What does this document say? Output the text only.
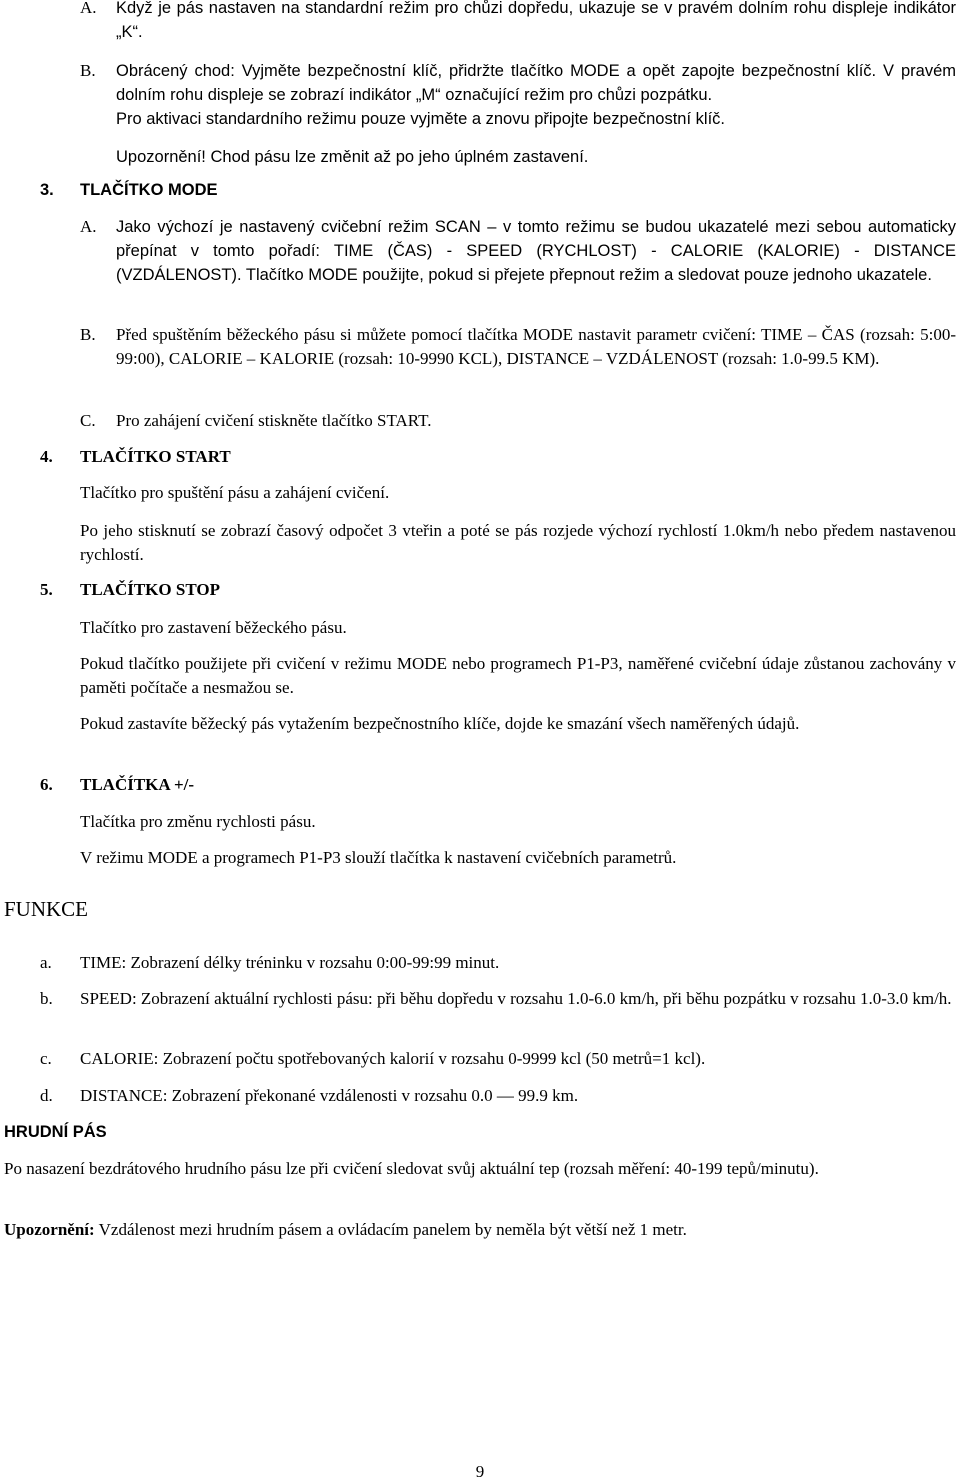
A. Když je pás nastaven na standardní režim pro chůzi dopředu, ukazuje se v pravém dolním rohu displeje indikátor „K“.

B. Obrácený chod: Vyjměte bezpečnostní klíč, přidržte tlačítko MODE a opět zapojte bezpečnostní klíč. V pravém dolním rohu displeje se zobrazí indikátor „M“ označující režim pro chůzi pozpátku.

Pro aktivaci standardního režimu pouze vyjměte a znovu připojte bezpečnostní klíč.

Upozornění! Chod pásu lze změnit až po jeho úplném zastavení.

3. TLAČÍTKO MODE
A. Jako výchozí je nastavený cvičební režim SCAN – v tomto režimu se budou ukazatelé mezi sebou automaticky přepínat v tomto pořadí: TIME (ČAS) - SPEED (RYCHLOST) - CALORIE (KALORIE) - DISTANCE (VZDÁLENOST). Tlačítko MODE použijte, pokud si přejete přepnout režim a sledovat pouze jednoho ukazatele.

B. Před spuštěním běžeckého pásu si můžete pomocí tlačítka MODE nastavit parametr cvičení: TIME – ČAS (rozsah: 5:00-99:00), CALORIE – KALORIE (rozsah: 10-9990 KCL), DISTANCE – VZDÁLENOST (rozsah: 1.0-99.5 KM).

C. Pro zahájení cvičení stiskněte tlačítko START.

4. TLAČÍTKO START

Tlačítko pro spuštění pásu a zahájení cvičení.

Po jeho stisknutí se zobrazí časový odpočet 3 vteřin a poté se pás rozjede výchozí rychlostí 1.0km/h nebo předem nastavenou rychlostí.

5. TLAČÍTKO STOP

Tlačítko pro zastavení běžeckého pásu.

Pokud tlačítko použijete při cvičení v režimu MODE nebo programech P1-P3, naměřené cvičební údaje zůstanou zachovány v paměti počítače a nesmažou se.

Pokud zastavíte běžecký pás vytažením bezpečnostního klíče, dojde ke smazání všech naměřených údajů.

6. TLAČÍTKA +/-

Tlačítka pro změnu rychlosti pásu.

V režimu MODE a programech P1-P3 slouží tlačítka k nastavení cvičebních parametrů.

FUNKCE
a. TIME: Zobrazení délky tréninku v rozsahu 0:00-99:99 minut.

b. SPEED: Zobrazení aktuální rychlosti pásu: při běhu dopředu v rozsahu 1.0-6.0 km/h, při běhu pozpátku v rozsahu 1.0-3.0 km/h.

c. CALORIE: Zobrazení počtu spotřebovaných kalorií v rozsahu 0-9999 kcl (50 metrů=1 kcl).

d. DISTANCE: Zobrazení překonané vzdálenosti v rozsahu 0.0 — 99.9 km.

HRUDNÍ PÁS

Po nasazení bezdrátového hrudního pásu lze při cvičení sledovat svůj aktuální tep (rozsah měření: 40-199 tepů/minutu).

Upozornění: Vzdálenost mezi hrudním pásem a ovládacím panelem by neměla být větší než 1 metr.

9
